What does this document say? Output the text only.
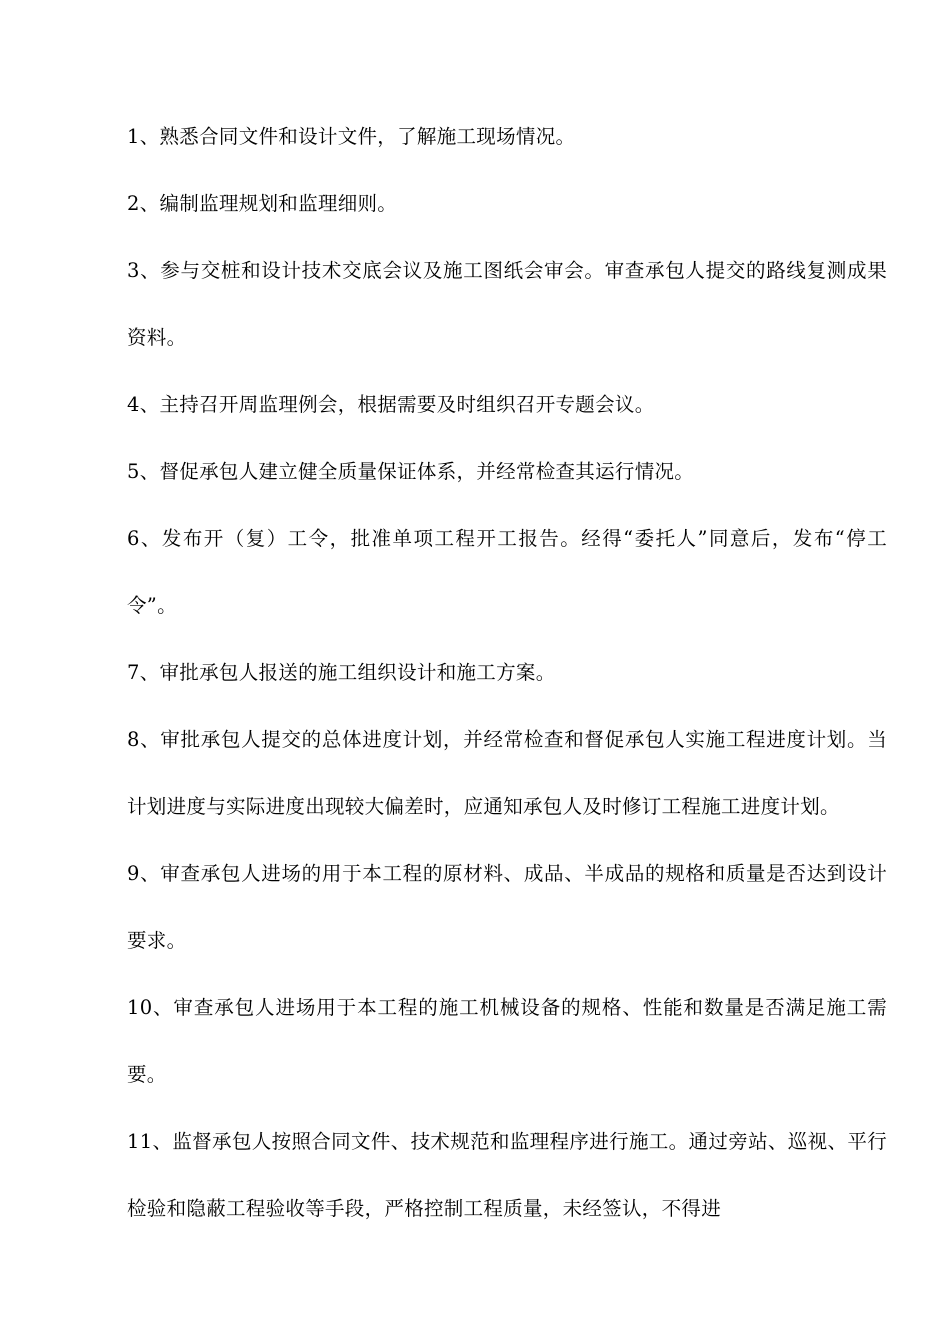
1、熟悉合同文件和设计文件，了解施工现场情况。

2、编制监理规划和监理细则。

3、参与交桩和设计技术交底会议及施工图纸会审会。审查承包人提交的路线复测成果资料。

4、主持召开周监理例会，根据需要及时组织召开专题会议。

5、督促承包人建立健全质量保证体系，并经常检查其运行情况。

6、发布开（复）工令，批准单项工程开工报告。经得“委托人”同意后，发布“停工令”。

7、审批承包人报送的施工组织设计和施工方案。

8、审批承包人提交的总体进度计划，并经常检查和督促承包人实施工程进度计划。当计划进度与实际进度出现较大偏差时，应通知承包人及时修订工程施工进度计划。

9、审查承包人进场的用于本工程的原材料、成品、半成品的规格和质量是否达到设计要求。

10、审查承包人进场用于本工程的施工机械设备的规格、性能和数量是否满足施工需要。

11、监督承包人按照合同文件、技术规范和监理程序进行施工。通过旁站、巡视、平行检验和隐蔽工程验收等手段，严格控制工程质量，未经签认，不得进
